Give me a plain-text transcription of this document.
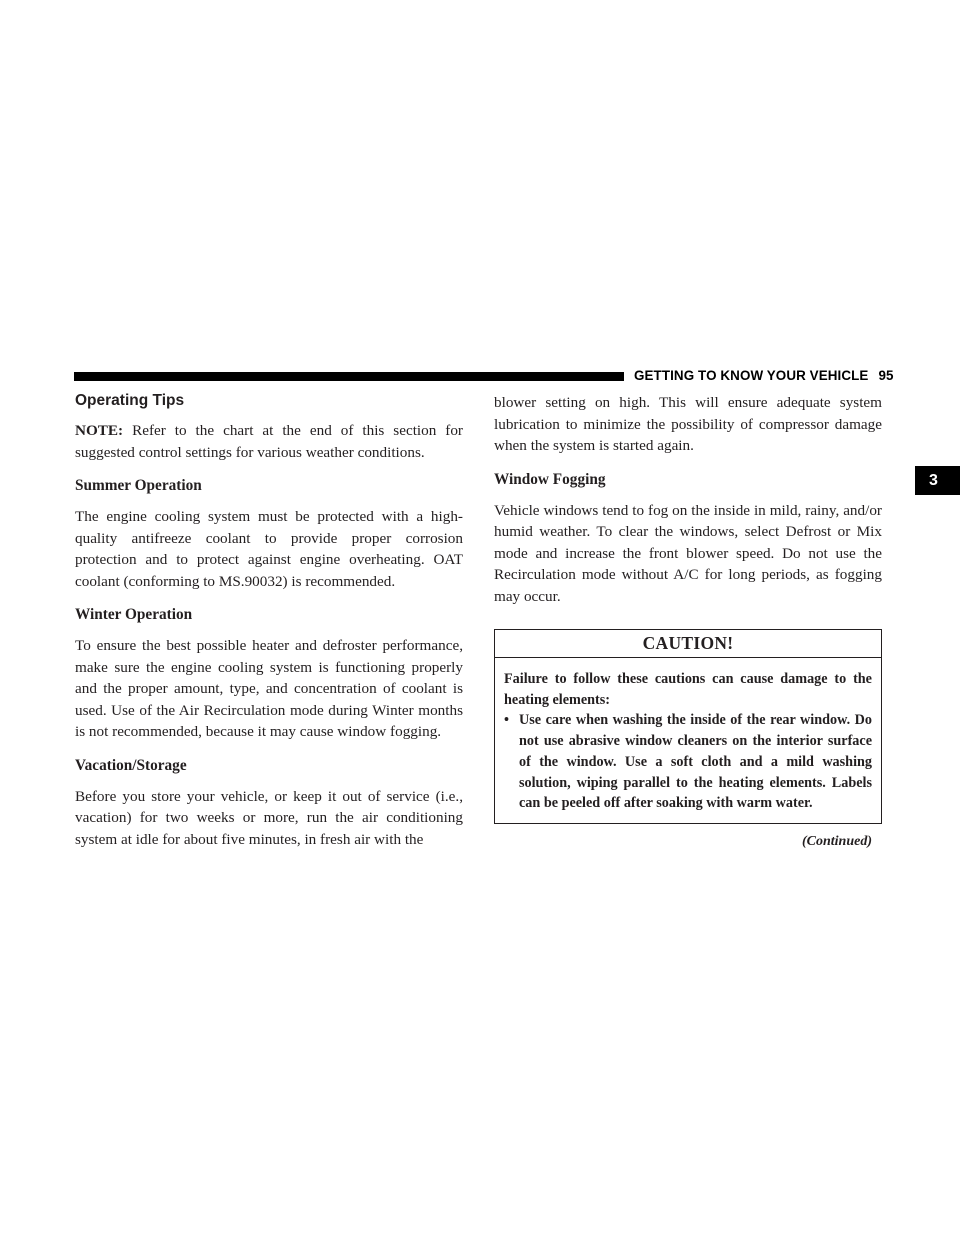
GETTING TO KNOW YOUR VEHICLE 95
3
Operating Tips

NOTE: Refer to the chart at the end of this section for suggested control settings for various weather conditions.

Summer Operation

The engine cooling system must be protected with a high-quality antifreeze coolant to provide proper corrosion protection and to protect against engine overheating. OAT coolant (conforming to MS.90032) is recommended.

Winter Operation

To ensure the best possible heater and defroster performance, make sure the engine cooling system is functioning properly and the proper amount, type, and concentration of coolant is used. Use of the Air Recirculation mode during Winter months is not recommended, because it may cause window fogging.

Vacation/Storage

Before you store your vehicle, or keep it out of service (i.e., vacation) for two weeks or more, run the air conditioning system at idle for about five minutes, in fresh air with the

blower setting on high. This will ensure adequate system lubrication to minimize the possibility of compressor damage when the system is started again.

Window Fogging

Vehicle windows tend to fog on the inside in mild, rainy, and/or humid weather. To clear the windows, select Defrost or Mix mode and increase the front blower speed. Do not use the Recirculation mode without A/C for long periods, as fogging may occur.

CAUTION!

Failure to follow these cautions can cause damage to the heating elements:

• Use care when washing the inside of the rear window. Do not use abrasive window cleaners on the interior surface of the window. Use a soft cloth and a mild washing solution, wiping parallel to the heating elements. Labels can be peeled off after soaking with warm water.

(Continued)
